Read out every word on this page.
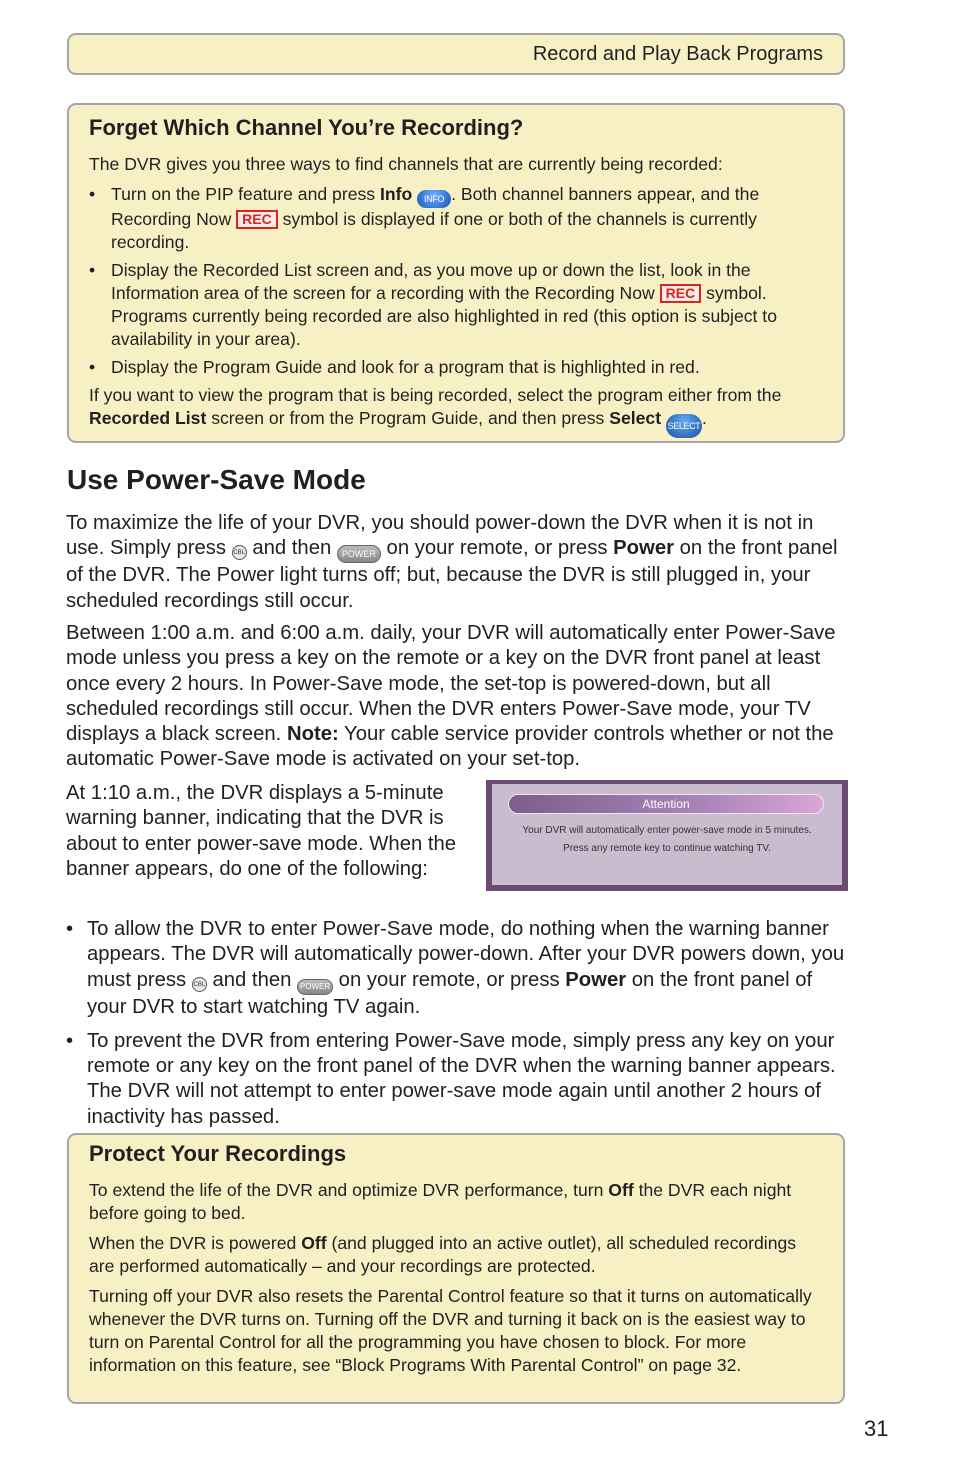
Record and Play Back Programs

Forget Which Channel You’re Recording?

The DVR gives you three ways to find channels that are currently being recorded:

• Turn on the PIP feature and press Info INFO . Both channel banners appear, and the Recording Now REC symbol is displayed if one or both of the channels is currently recording.
• Display the Recorded List screen and, as you move up or down the list, look in the Information area of the screen for a recording with the Recording Now REC symbol. Programs currently being recorded are also highlighted in red (this option is subject to availability in your area).
• Display the Program Guide and look for a program that is highlighted in red.

If you want to view the program that is being recorded, select the program either from the Recorded List screen or from the Program Guide, and then press Select SELECT.

Use Power-Save Mode

To maximize the life of your DVR, you should power-down the DVR when it is not in use. Simply press CBL and then POWER on your remote, or press Power on the front panel of the DVR. The Power light turns off; but, because the DVR is still plugged in, your scheduled recordings still occur.

Between 1:00 a.m. and 6:00 a.m. daily, your DVR will automatically enter Power-Save mode unless you press a key on the remote or a key on the DVR front panel at least once every 2 hours. In Power-Save mode, the set-top is powered-down, but all scheduled recordings still occur. When the DVR enters Power-Save mode, your TV displays a black screen. Note: Your cable service provider controls whether or not the automatic Power-Save mode is activated on your set-top.

At 1:10 a.m., the DVR displays a 5-minute warning banner, indicating that the DVR is about to enter power-save mode. When the banner appears, do one of the following:

Attention
Your DVR will automatically enter power-save mode in 5 minutes.
Press any remote key to continue watching TV.
• To allow the DVR to enter Power-Save mode, do nothing when the warning banner appears. The DVR will automatically power-down. After your DVR powers down, you must press CBL and then POWER on your remote, or press Power on the front panel of your DVR to start watching TV again.
• To prevent the DVR from entering Power-Save mode, simply press any key on your remote or any key on the front panel of the DVR when the warning banner appears. The DVR will not attempt to enter power-save mode again until another 2 hours of inactivity has passed.

Protect Your Recordings

To extend the life of the DVR and optimize DVR performance, turn Off the DVR each night before going to bed.

When the DVR is powered Off (and plugged into an active outlet), all scheduled recordings are performed automatically – and your recordings are protected.

Turning off your DVR also resets the Parental Control feature so that it turns on automatically whenever the DVR turns on. Turning off the DVR and turning it back on is the easiest way to turn on Parental Control for all the programming you have chosen to block. For more information on this feature, see “Block Programs With Parental Control” on page 32.

31
